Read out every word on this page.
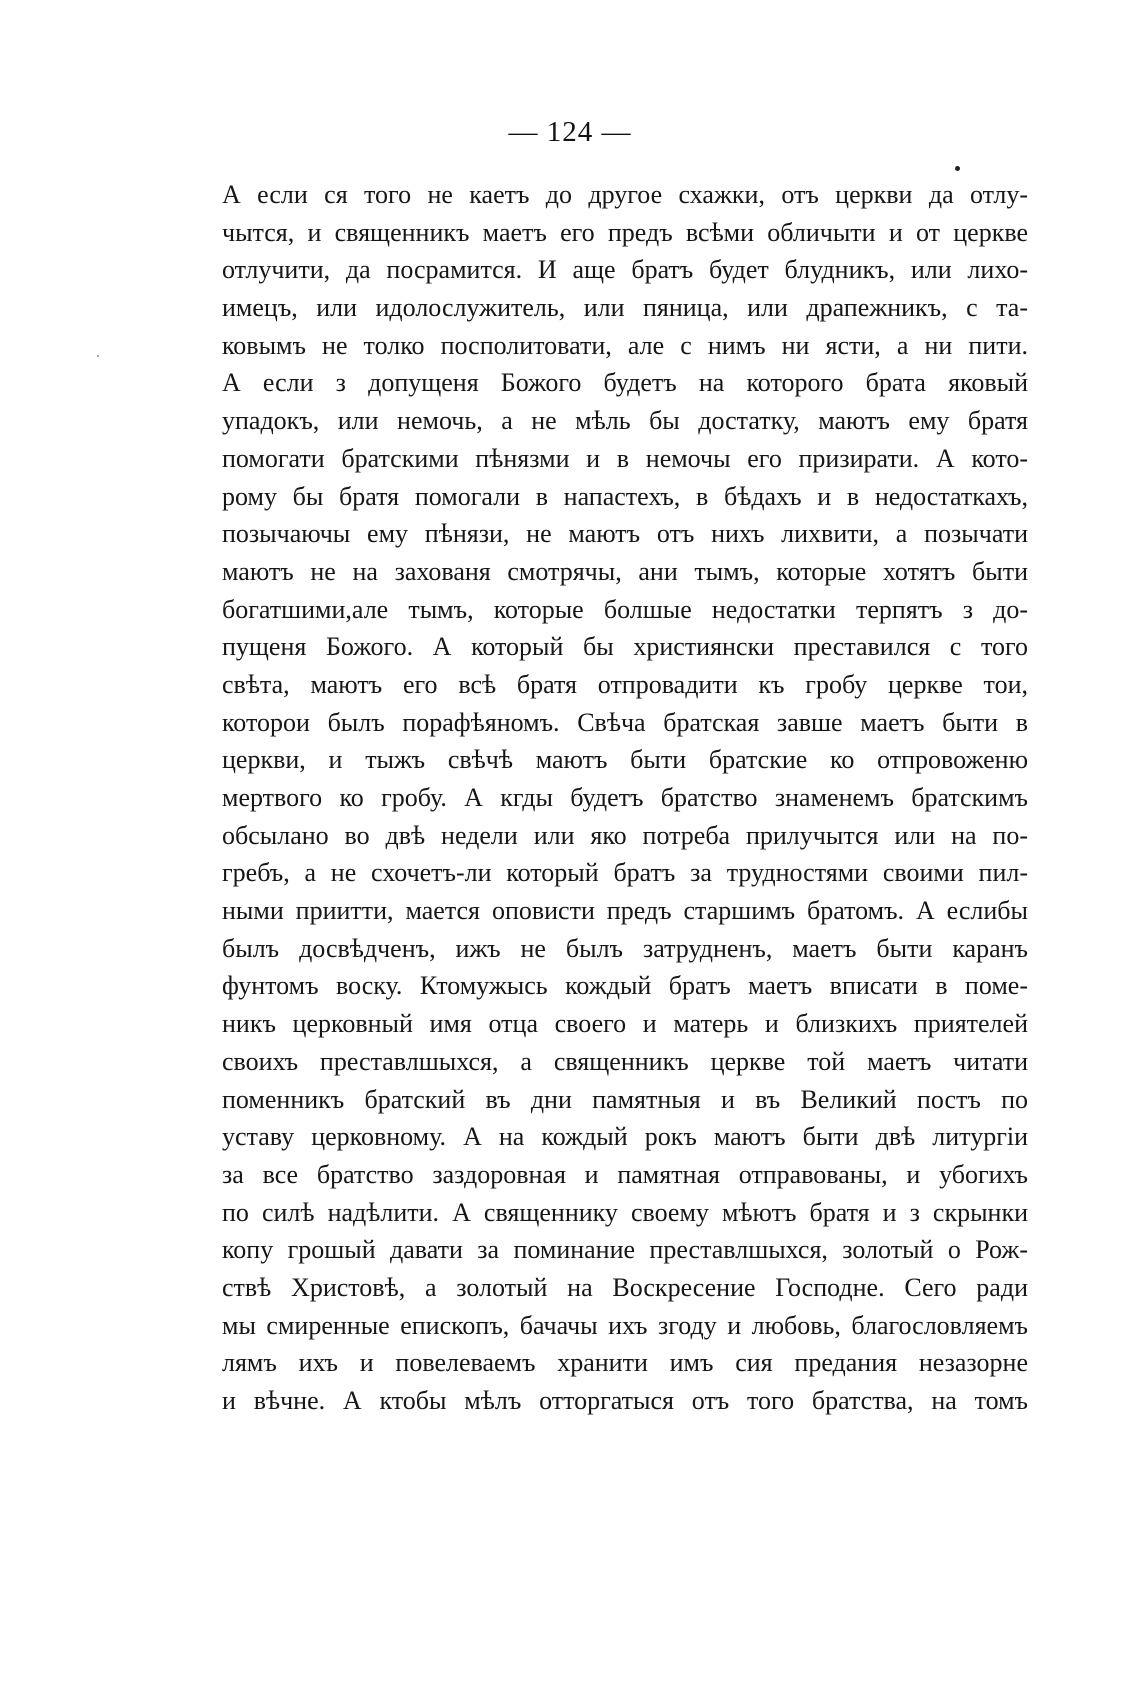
— 124 —
А если ся того не каетъ до другое схажки, отъ церкви да отлу-
чытся, и священникъ маетъ его предъ всѣми обличыти и от церкве
отлучити, да посрамится. И аще братъ будет блудникъ, или лихо-
имецъ, или идолослужитель, или пяница, или драпежникъ, с та-
ковымъ не толко посполитовати, але с нимъ ни ясти, а ни пити.
А если з допущеня Божого будетъ на которого брата яковый
упадокъ, или немочь, а не мѣль бы достатку, маютъ ему братя
помогати братскими пѣнязми и в немочы его призирати. А кото-
рому бы братя помогали в напастехъ, в бѣдахъ и в недостаткахъ,
позычаючы ему пѣнязи, не маютъ отъ нихъ лихвити, а позычати
маютъ не на захованя смотрячы, ани тымъ, которые хотятъ быти
богатшими,але тымъ, которые болшые недостатки терпятъ з до-
пущеня Божого. А который бы християнски преставился с того
свѣта, маютъ его всѣ братя отпровадити къ гробу церкве тои,
которои былъ порафѣяномъ. Свѣча братская завше маетъ быти в
церкви, и тыжъ свѣчѣ маютъ быти братские ко отпровоженю
мертвого ко гробу. А кгды будетъ братство знаменемъ братскимъ
обсылано во двѣ недели или яко потреба прилучытся или на по-
гребъ, а не схочетъ-ли который братъ за трудностями своими пил-
ными приитти, мается оповисти предъ старшимъ братомъ. А еслибы
былъ досвѣдченъ, ижъ не былъ затрудненъ, маетъ быти каранъ
фунтомъ воску. Ктомужысь кождый братъ маетъ вписати в поме-
никъ церковный имя отца своего и матерь и близкихъ приятелей
своихъ преставлшыхся, а священникъ церкве той маетъ читати
поменникъ братский въ дни памятныя и въ Великий постъ по
уставу церковному. А на кождый рокъ маютъ быти двѣ литургіи
за все братство заздоровная и памятная отправованы, и убогихъ
по силѣ надѣлити. А священнику своему мѣютъ братя и з скрынки
копу грошый давати за поминание преставлшыхся, золотый о Рож-
ствѣ Христовѣ, а золотый на Воскресение Господне. Сего ради
мы смиренные епископъ, бачачы ихъ згоду и любовь, благословляемъ
лямъ ихъ и повелеваемъ хранити имъ сия предания незазорне
и вѣчне. А ктобы мѣлъ отторгатыся отъ того братства, на томъ
